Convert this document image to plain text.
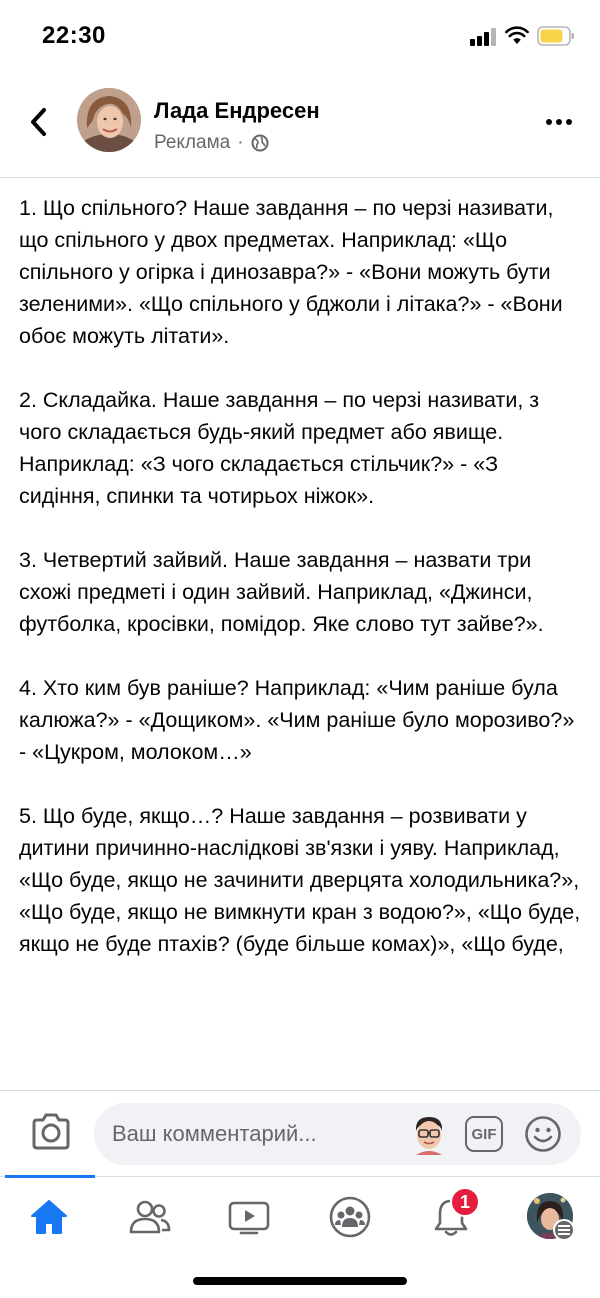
22:30
Лада Ендресен
Реклама ·

1. Що спільного? Наше завдання – по черзі називати, що спільного у двох предметах. Наприклад: «Що спільного у огірка і динозавра?» - «Вони можуть бути зеленими». «Що спільного у бджоли і літака?» - «Вони обоє можуть літати».

2. Складайка. Наше завдання – по черзі називати, з чого складається будь-який предмет або явище. Наприклад: «З чого складається стільчик?» - «З сидіння, спинки та чотирьох ніжок».

3. Четвертий зайвий. Наше завдання – назвати три схожі предметі і один зайвий. Наприклад, «Джинси, футболка, кросівки, помідор. Яке слово тут зайве?».

4. Хто ким був раніше? Наприклад: «Чим раніше була калюжа?» - «Дощиком». «Чим раніше було морозиво?» - «Цукром, молоком…»

5. Що буде, якщо…? Наше завдання – розвивати у дитини причинно-наслідкові зв'язки і уяву. Наприклад, «Що буде, якщо не зачинити дверцята холодильника?», «Що буде, якщо не вимкнути кран з водою?», «Що буде, якщо не буде птахів? (буде більше комах)», «Що буде,

Ваш комментарий...	GIF
1
